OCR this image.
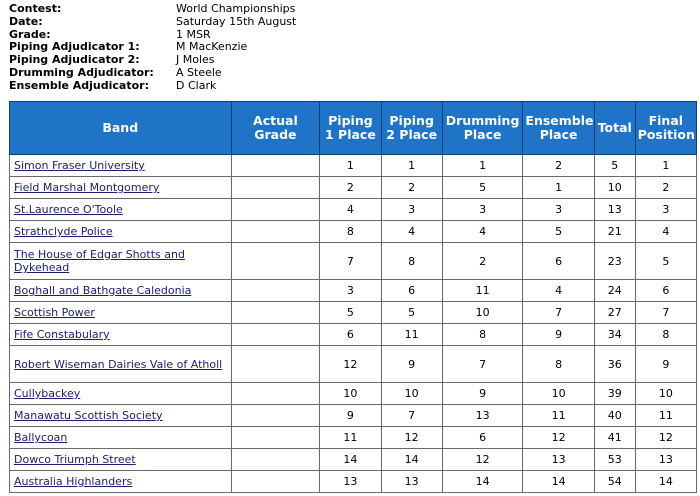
Contest:	World Championships
Date:	Saturday 15th August
Grade:	1 MSR
Piping Adjudicator 1:	M MacKenzie
Piping Adjudicator 2:	J Moles
Drumming Adjudicator:	A Steele
Ensemble Adjudicator:	D Clark
Band	Actual Grade	Piping 1 Place	Piping 2 Place	Drumming Place	Ensemble Place	Total	Final Position
Simon Fraser University		1	1	1	2	5	1
Field Marshal Montgomery		2	2	5	1	10	2
St.Laurence O'Toole		4	3	3	3	13	3
Strathclyde Police		8	4	4	5	21	4
The House of Edgar Shotts and Dykehead		7	8	2	6	23	5
Boghall and Bathgate Caledonia		3	6	11	4	24	6
Scottish Power		5	5	10	7	27	7
Fife Constabulary		6	11	8	9	34	8
Robert Wiseman Dairies Vale of Atholl		12	9	7	8	36	9
Cullybackey		10	10	9	10	39	10
Manawatu Scottish Society		9	7	13	11	40	11
Ballycoan		11	12	6	12	41	12
Dowco Triumph Street		14	14	12	13	53	13
Australia Highlanders		13	13	14	14	54	14
